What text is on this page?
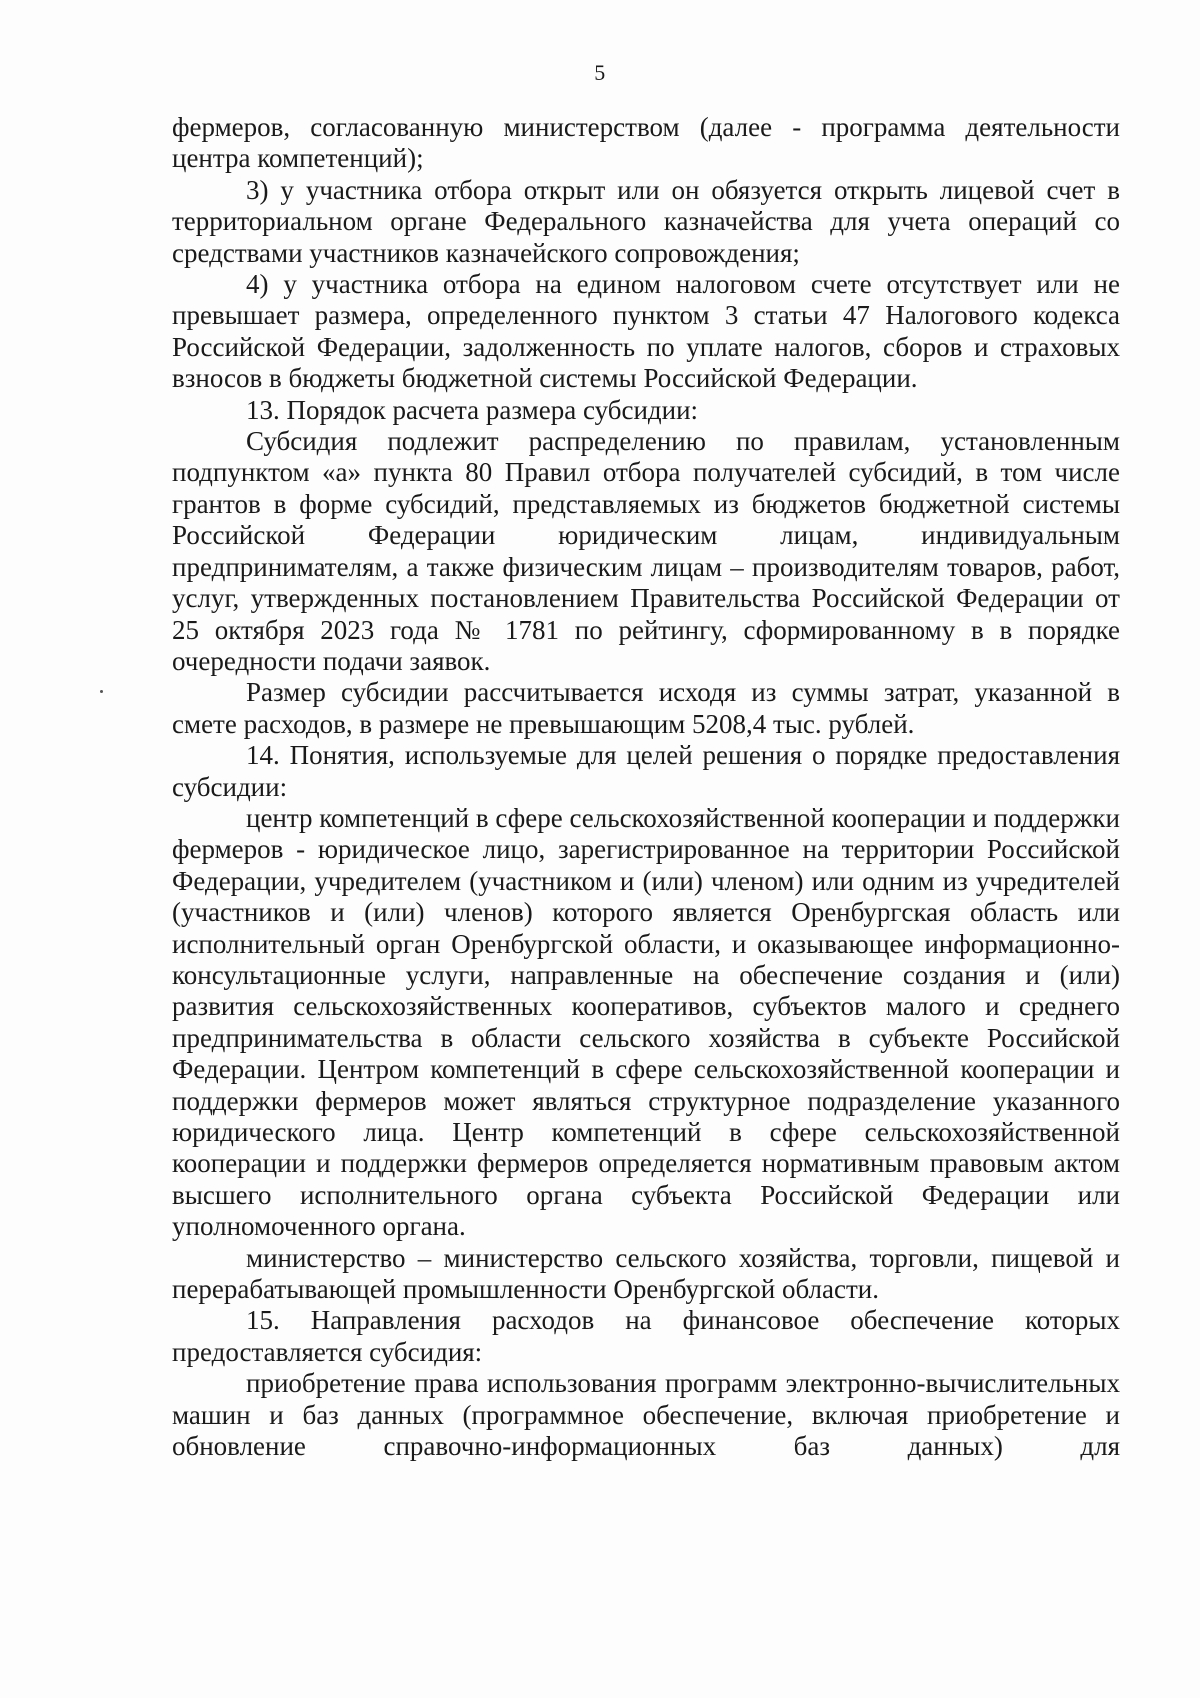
5

фермеров, согласованную министерством (далее - программа деятельности центра компетенций);

3) у участника отбора открыт или он обязуется открыть лицевой счет в территориальном органе Федерального казначейства для учета операций со средствами участников казначейского сопровождения;

4) у участника отбора на едином налоговом счете отсутствует или не превышает размера, определенного пунктом 3 статьи 47 Налогового кодекса Российской Федерации, задолженность по уплате налогов, сборов и страховых взносов в бюджеты бюджетной системы Российской Федерации.

13. Порядок расчета размера субсидии:

Субсидия подлежит распределению по правилам, установленным подпунктом «а» пункта 80 Правил отбора получателей субсидий, в том числе грантов в форме субсидий, представляемых из бюджетов бюджетной системы Российской Федерации юридическим лицам, индивидуальным предпринимателям, а также физическим лицам – производителям товаров, работ, услуг, утвержденных постановлением Правительства Российской Федерации от 25 октября 2023 года № 1781 по рейтингу, сформированному в в порядке очередности подачи заявок.

Размер субсидии рассчитывается исходя из суммы затрат, указанной в смете расходов, в размере не превышающим 5208,4 тыс. рублей.

14. Понятия, используемые для целей решения о порядке предоставления субсидии:

центр компетенций в сфере сельскохозяйственной кооперации и поддержки фермеров - юридическое лицо, зарегистрированное на территории Российской Федерации, учредителем (участником и (или) членом) или одним из учредителей (участников и (или) членов) которого является Оренбургская область или исполнительный орган Оренбургской области, и оказывающее информационно-консультационные услуги, направленные на обеспечение создания и (или) развития сельскохозяйственных кооперативов, субъектов малого и среднего предпринимательства в области сельского хозяйства в субъекте Российской Федерации. Центром компетенций в сфере сельскохозяйственной кооперации и поддержки фермеров может являться структурное подразделение указанного юридического лица. Центр компетенций в сфере сельскохозяйственной кооперации и поддержки фермеров определяется нормативным правовым актом высшего исполнительного органа субъекта Российской Федерации или уполномоченного органа.

министерство – министерство сельского хозяйства, торговли, пищевой и перерабатывающей промышленности Оренбургской области.

15. Направления расходов на финансовое обеспечение которых предоставляется субсидия:

приобретение права использования программ электронно-вычислительных машин и баз данных (программное обеспечение, включая приобретение и обновление справочно-информационных баз данных) для
